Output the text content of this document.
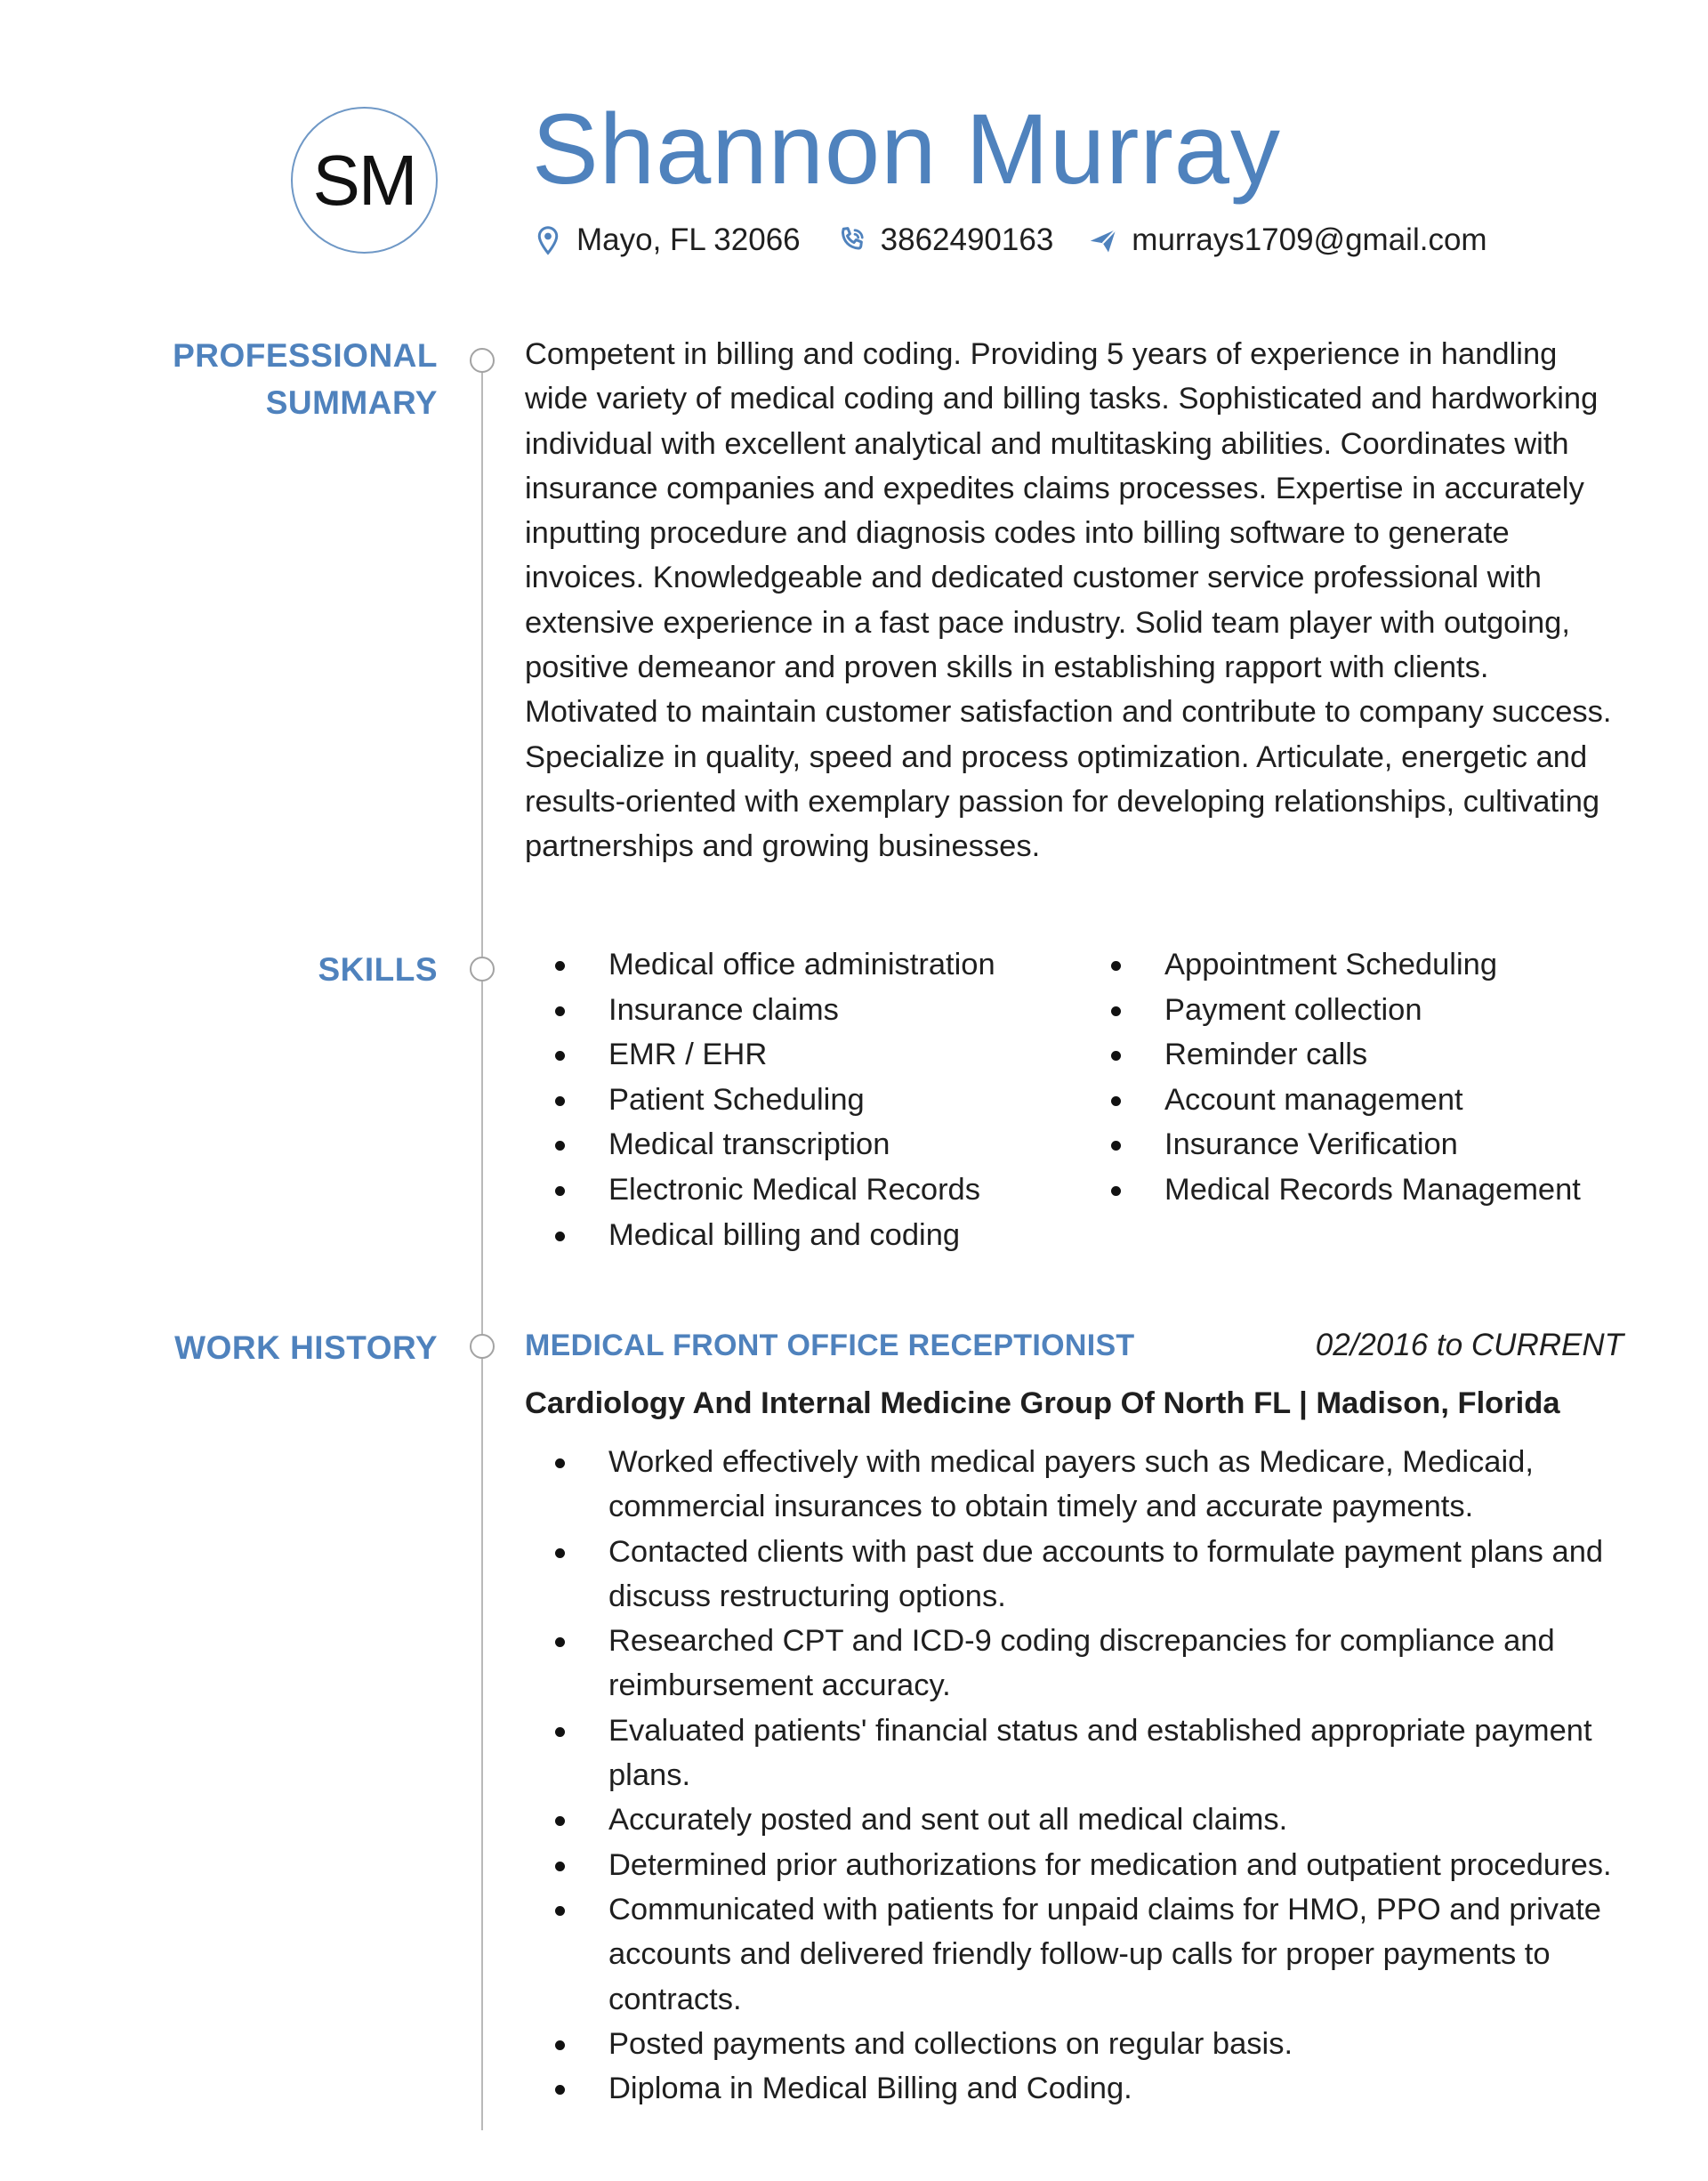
SM Shannon Murray
Mayo, FL 32066	3862490163	murrays1709@gmail.com
PROFESSIONAL
SUMMARY
Competent in billing and coding. Providing 5 years of experience in handling
wide variety of medical coding and billing tasks. Sophisticated and hardworking
individual with excellent analytical and multitasking abilities. Coordinates with
insurance companies and expedites claims processes. Expertise in accurately
inputting procedure and diagnosis codes into billing software to generate
invoices. Knowledgeable and dedicated customer service professional with
extensive experience in a fast pace industry. Solid team player with outgoing,
positive demeanor and proven skills in establishing rapport with clients.
Motivated to maintain customer satisfaction and contribute to company success.
Specialize in quality, speed and process optimization. Articulate, energetic and
results-oriented with exemplary passion for developing relationships, cultivating
partnerships and growing businesses.
SKILLS	Medical office administration
Insurance claims
EMR / EHR
Patient Scheduling
Medical transcription
Electronic Medical Records
Medical billing and coding
Appointment Scheduling
Payment collection
Reminder calls
Account management
Insurance Verification
Medical Records Management
WORK HISTORY	MEDICAL FRONT OFFICE RECEPTIONIST	02/2016 to CURRENT
Cardiology And Internal Medicine Group Of North FL | Madison, Florida
Worked effectively with medical payers such as Medicare, Medicaid,
commercial insurances to obtain timely and accurate payments.
Contacted clients with past due accounts to formulate payment plans and
discuss restructuring options.
Researched CPT and ICD-9 coding discrepancies for compliance and
reimbursement accuracy.
Evaluated patients' financial status and established appropriate payment
plans.
Accurately posted and sent out all medical claims.
Determined prior authorizations for medication and outpatient procedures.
Communicated with patients for unpaid claims for HMO, PPO and private
accounts and delivered friendly follow-up calls for proper payments to
contracts.
Posted payments and collections on regular basis.
Diploma in Medical Billing and Coding.
